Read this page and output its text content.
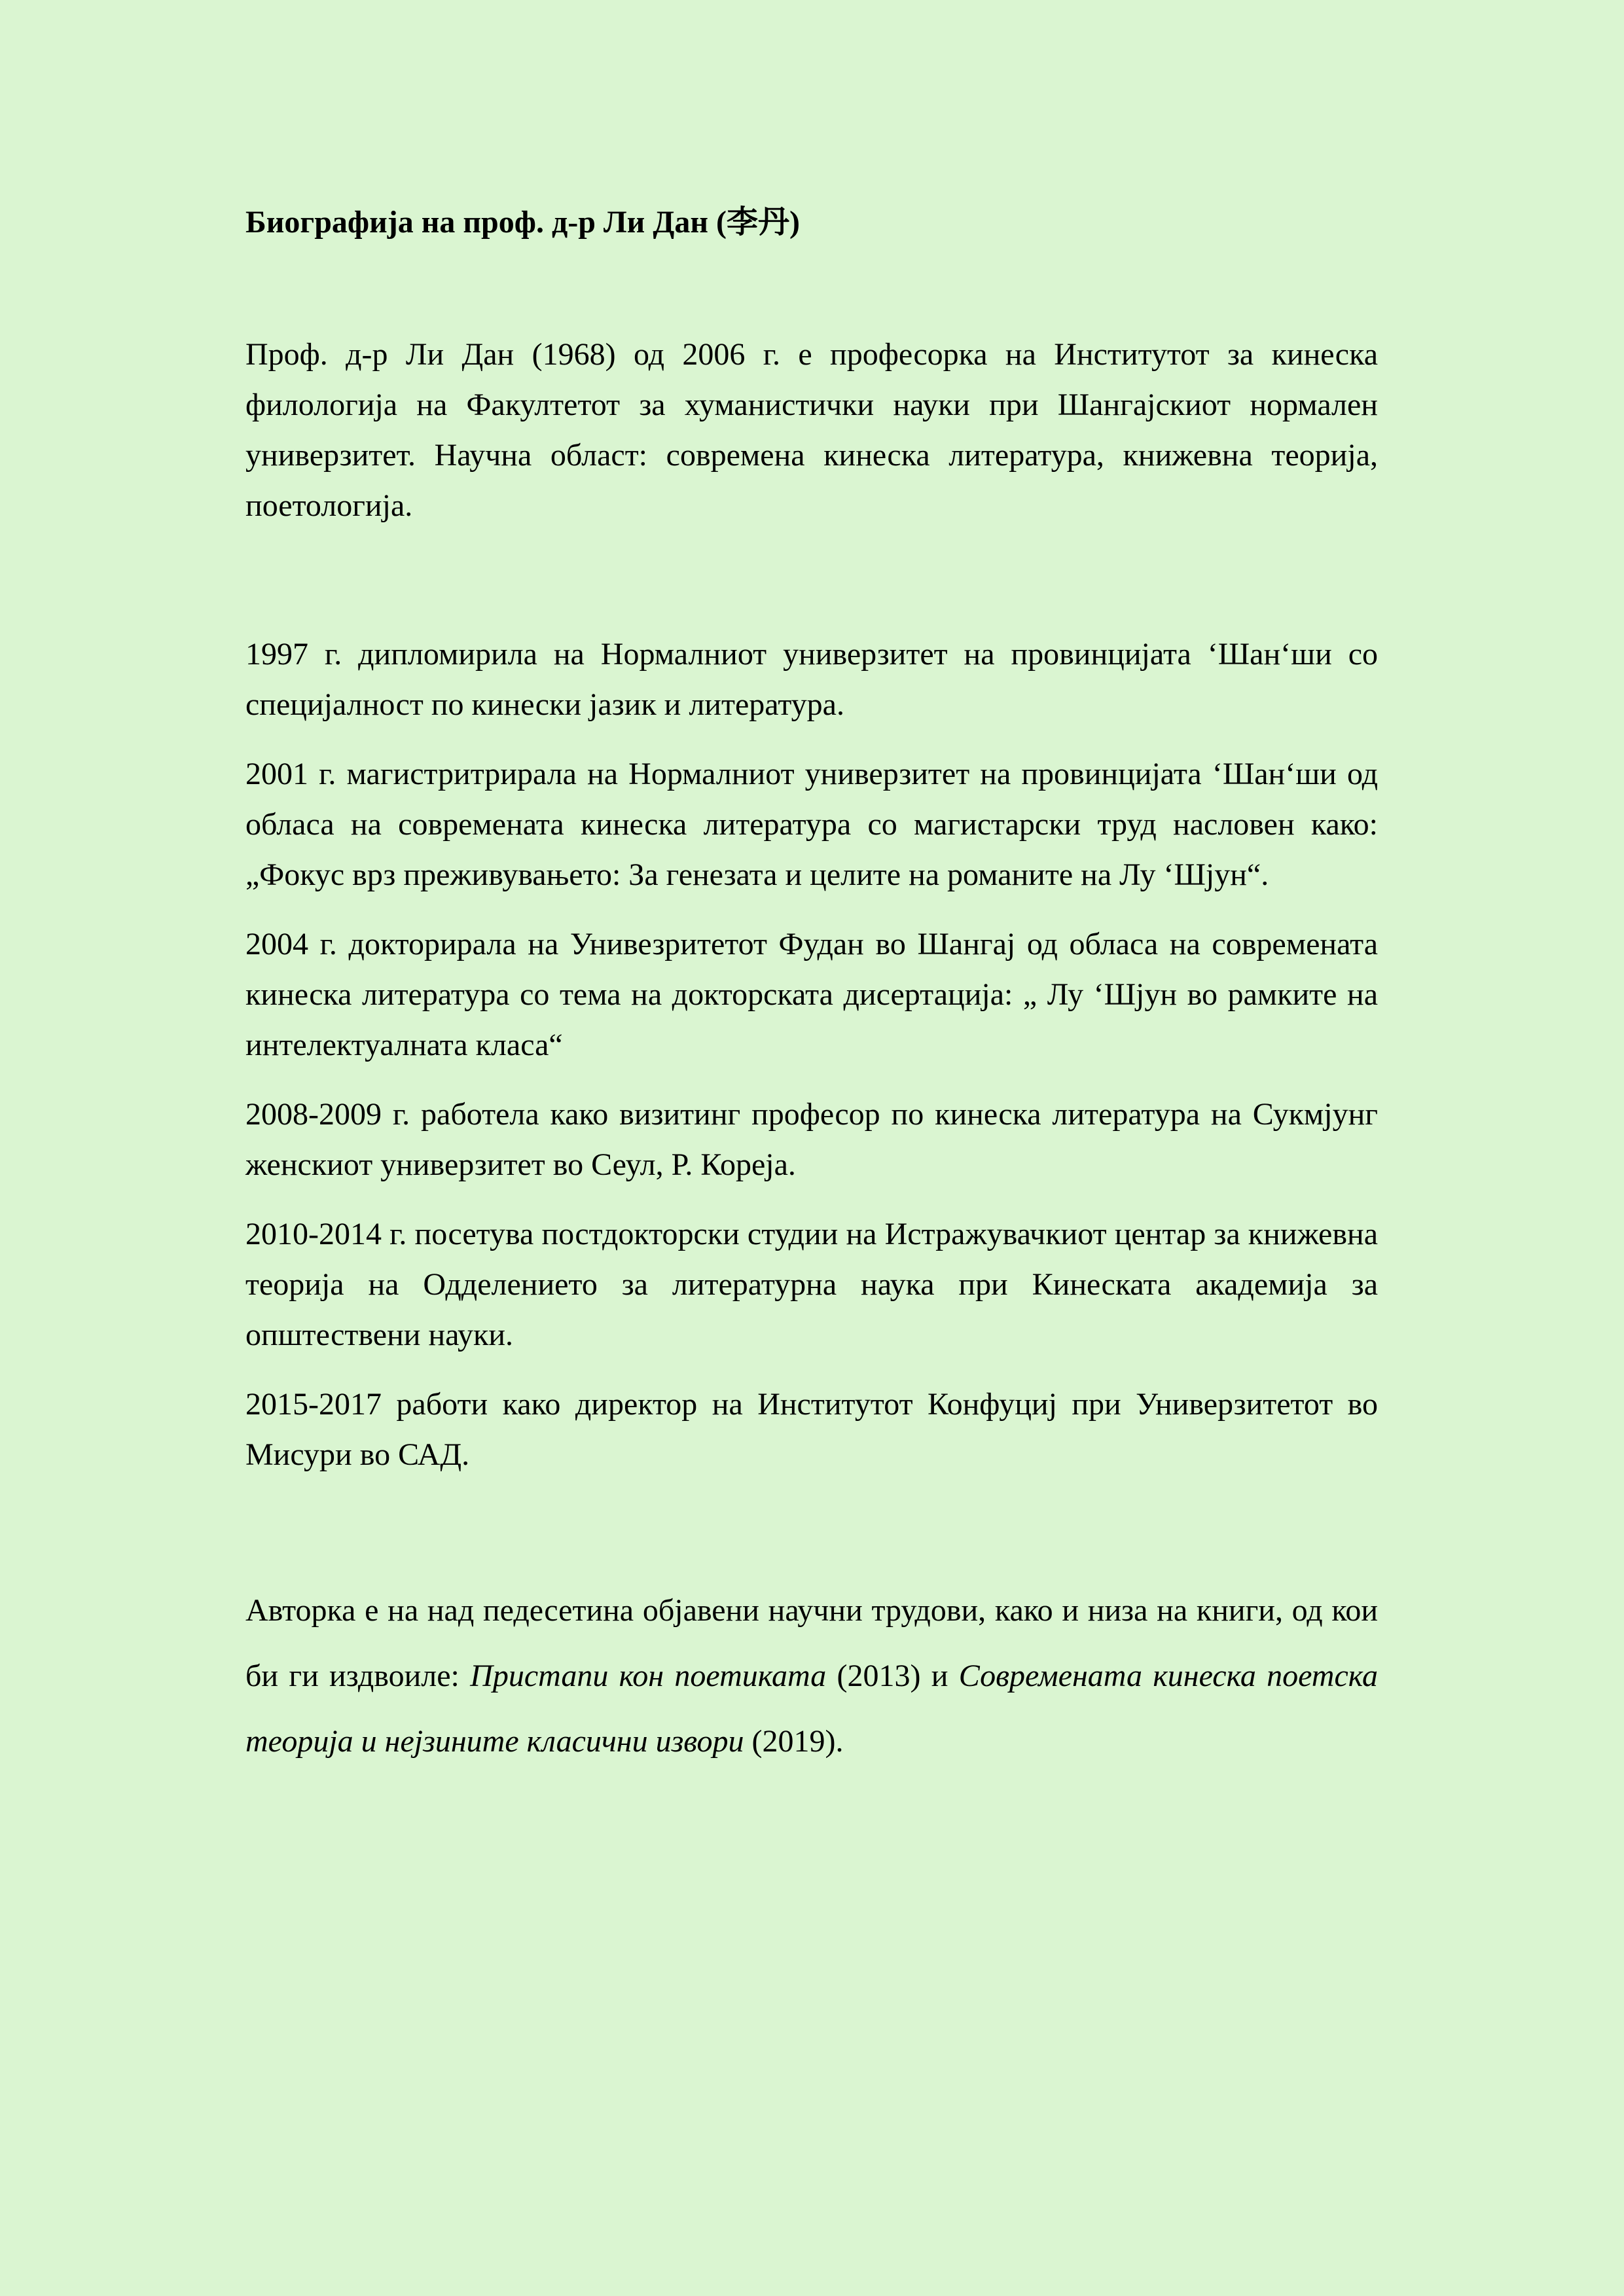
Биографија на проф. д-р Ли Дан (李丹)

Проф. д-р Ли Дан (1968) од 2006 г. е професорка на Институтот за кинеска филологија на Факултетот за хуманистички науки при Шангајскиот нормален универзитет. Научна област: современа кинеска литература, книжевна теорија, поетологија.

1997 г. дипломирила на Нормалниот универзитет на провинцијата ‘Шан‘ши со специјалност по кинески јазик и литература.

2001 г. магистритрирала на Нормалниот универзитет на провинцијата ‘Шан‘ши од обласа на современата кинеска литература со магистарски труд насловен како: „Фокус врз преживувањето: За генезата и целите на романите на Лу ‘Шјун“.

2004 г. докторирала на Унивезритетот Фудан во Шангај од обласа на современата кинеска литература со тема на докторската дисертација: „ Лу ‘Шјун во рамките на интелектуалната класа“

2008-2009 г. работела како визитинг професор по кинеска литература на Сукмјунг женскиот универзитет во Сеул, Р. Кореја.

2010-2014 г. посетува постдокторски студии на Истражувачкиот центар за книжевна теорија на Одделението за литературна наука при Кинеската академија за општествени науки.

2015-2017 работи како директор на Институтот Конфуциј при Универзитетот во Мисури во САД.

Авторка е на над педесетина објавени научни трудови, како и низа на книги, од кои би ги издвоиле: Пристапи кон поетиката (2013) и Современата кинеска поетска теорија и нејзините класични извори (2019).
